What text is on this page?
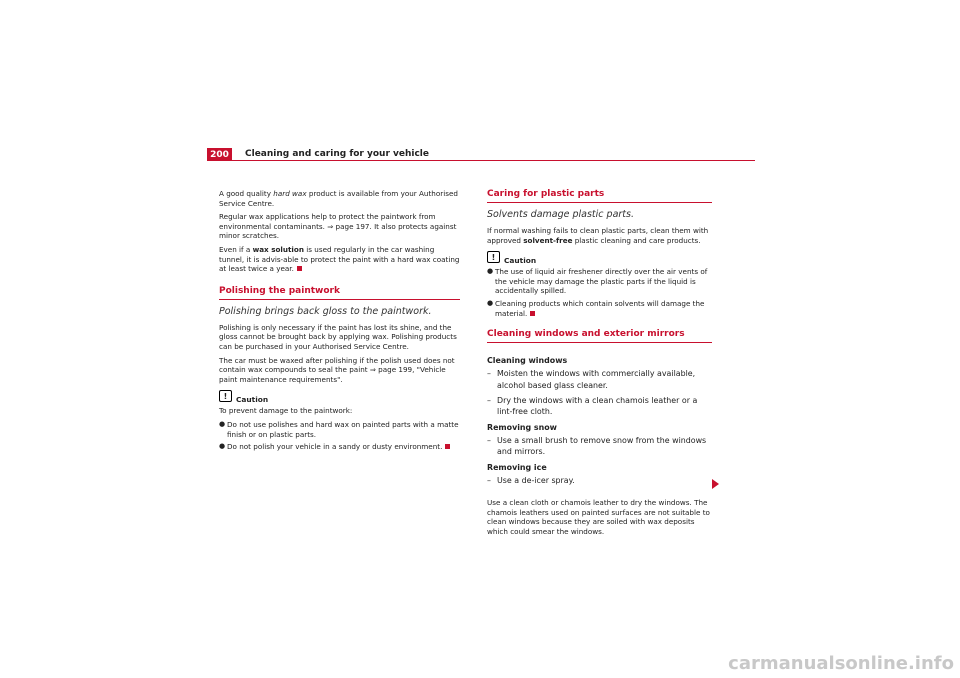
200	Cleaning and caring for your vehicle

A good quality hard wax product is available from your Authorised Service Centre.

Regular wax applications help to protect the paintwork from environmental contaminants. ⇒ page 197. It also protects against minor scratches.

Even if a wax solution is used regularly in the car washing tunnel, it is advis-able to protect the paint with a hard wax coating at least twice a year.

Polishing the paintwork
Polishing brings back gloss to the paintwork.

Polishing is only necessary if the paint has lost its shine, and the gloss cannot be brought back by applying wax. Polishing products can be purchased in your Authorised Service Centre.

The car must be waxed after polishing if the polish used does not contain wax compounds to seal the paint ⇒ page 199, "Vehicle paint maintenance requirements".

!	Caution

To prevent damage to the paintwork:

● Do not use polishes and hard wax on painted parts with a matte finish or on plastic parts.
● Do not polish your vehicle in a sandy or dusty environment.
Caring for plastic parts
Solvents damage plastic parts.

If normal washing fails to clean plastic parts, clean them with approved solvent-free plastic cleaning and care products.

!	Caution
● The use of liquid air freshener directly over the air vents of the vehicle may damage the plastic parts if the liquid is accidentally spilled.
● Cleaning products which contain solvents will damage the material.
Cleaning windows and exterior mirrors
Cleaning windows
– Moisten the windows with commercially available, alcohol based glass cleaner.
– Dry the windows with a clean chamois leather or a lint-free cloth.
Removing snow
– Use a small brush to remove snow from the windows and mirrors.
Removing ice
– Use a de-icer spray.

Use a clean cloth or chamois leather to dry the windows. The chamois leathers used on painted surfaces are not suitable to clean windows because they are soiled with wax deposits which could smear the windows.

carmanualsonline.info
